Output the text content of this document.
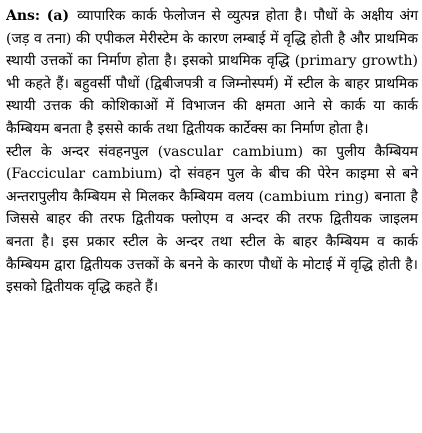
Ans: (a) व्यापारिक कार्क फेलोजन से व्युत्पन्न होता है। पौधों के अक्षीय अंग (जड़ व तना) की एपीकल मेरीस्टेम के कारण लम्बाई में वृद्धि होती है और प्राथमिक स्थायी उत्तकों का निर्माण होता है। इसको प्राथमिक वृद्धि (primary growth) भी कहते हैं। बहुवर्सी पौधों (द्विबीजपत्री व जिम्नोस्पर्म) में स्टील के बाहर प्राथमिक स्थायी उत्तक की कोशिकाओं में विभाजन की क्षमता आने से कार्क या कार्क कैम्बियम बनता है इससे कार्क तथा द्वितीयक कार्टेक्स का निर्माण होता है।

स्टील के अन्दर संवहनपुल (vascular cambium) का पुलीय कैम्बियम (Faccicular cambium) दो संवहन पुल के बीच की पेरेन काइमा से बने अन्तरापुलीय कैम्बियम से मिलकर कैम्बियम वलय (cambium ring) बनाता है जिससे बाहर की तरफ द्वितीयक फ्लोएम व अन्दर की तरफ द्वितीयक जाइलम बनता है। इस प्रकार स्टील के अन्दर तथा स्टील के बाहर कैम्बियम व कार्क कैम्बियम द्वारा द्वितीयक उत्तकों के बनने के कारण पौधों के मोटाई में वृद्धि होती है। इसको द्वितीयक वृद्धि कहते हैं।
